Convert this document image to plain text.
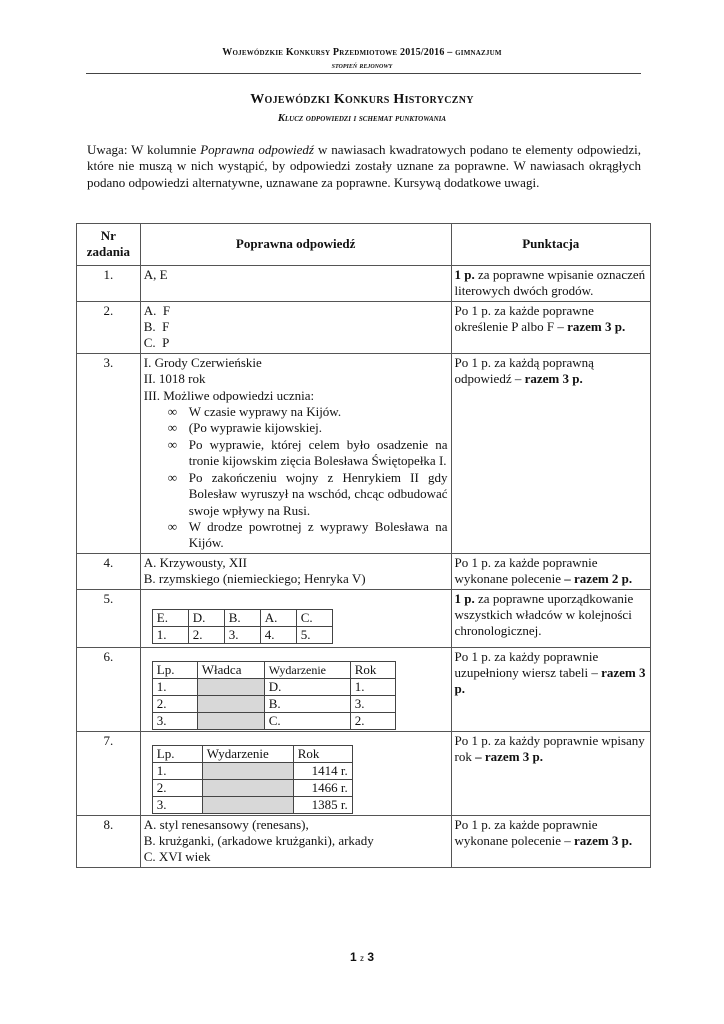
Wojewódzkie Konkursy Przedmiotowe 2015/2016 – gimnazjum
stopień rejonowy
Wojewódzki Konkurs Historyczny
Klucz odpowiedzi i schemat punktowania
Uwaga: W kolumnie Poprawna odpowiedź w nawiasach kwadratowych podano te elementy odpowiedzi, które nie muszą w nich wystąpić, by odpowiedzi zostały uznane za poprawne. W nawiasach okrągłych podano odpowiedzi alternatywne, uznawane za poprawne. Kursywą dodatkowe uwagi.
Nr zadania	Poprawna odpowiedź	Punktacja
1.	A, E	1 p. za poprawne wpisanie oznaczeń literowych dwóch grodów.
2.	A.  F
B.  F
C.  P
	Po 1 p. za każde poprawne określenie P albo F – razem 3 p.
3.	I. Grody Czerwieńskie
II. 1018 rok
III. Możliwe odpowiedzi ucznia:
∞ W czasie wyprawy na Kijów.
∞ (Po wyprawie kijowskiej.
∞ Po wyprawie, której celem było osadzenie na tronie kijowskim zięcia Bolesława Świętopełka I.
∞ Po zakończeniu wojny z Henrykiem II gdy Bolesław wyruszył na wschód, chcąc odbudować swoje wpływy na Rusi.
∞ W drodze powrotnej z wyprawy Bolesława na Kijów.
	Po 1 p. za każdą poprawną odpowiedź – razem 3 p.
4.	A. Krzywousty, XII
B. rzymskiego (niemieckiego; Henryka V)
	Po 1 p. za każde poprawnie wykonane polecenie – razem 2 p.
5.	
E.	D.	B.	A.	C.
1.	2.	3.	4.	5.
	1 p. za poprawne uporządkowanie wszystkich władców w kolejności chronologicznej.
6.	
Lp.	Władca	Wydarzenie	Rok
1.		D.	1.
2.		B.	3.
3.		C.	2.
	Po 1 p. za każdy poprawnie uzupełniony wiersz tabeli – razem 3 p.
7.	
Lp.	Wydarzenie	Rok
1.		1414 r.
2.		1466 r.
3.		1385 r.
	Po 1 p. za każdy poprawnie wpisany rok – razem 3 p.
8.	A. styl renesansowy (renesans),
B. krużganki, (arkadowe krużganki), arkady
C. XVI wiek
	Po 1 p. za każde poprawnie wykonane polecenie – razem 3 p.
1 z 3
